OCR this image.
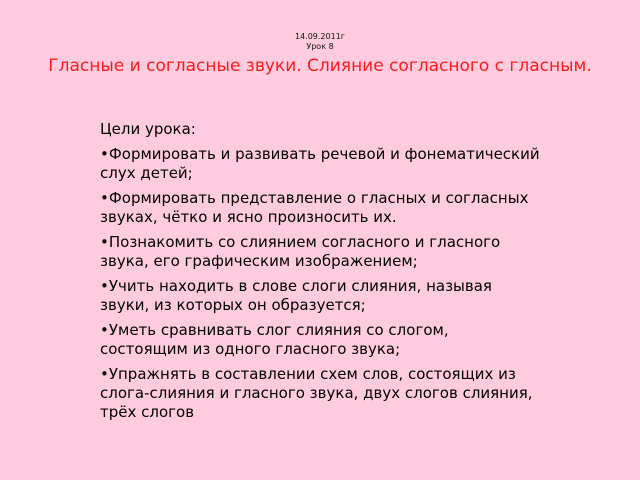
14.09.2011г
Урок 8
Гласные и согласные звуки. Слияние согласного с гласным.
Цели урока:
•Формировать и развивать речевой и фонематический слух детей;
•Формировать представление о гласных и согласных звуках, чётко и ясно произносить их.
•Познакомить со слиянием согласного и гласного звука, его графическим изображением;
•Учить находить в слове слоги слияния, называя звуки, из которых он образуется;
•Уметь сравнивать слог слияния со слогом, состоящим из одного гласного звука;
•Упражнять в составлении схем слов, состоящих из слога-слияния и гласного звука, двух слогов слияния, трёх слогов
